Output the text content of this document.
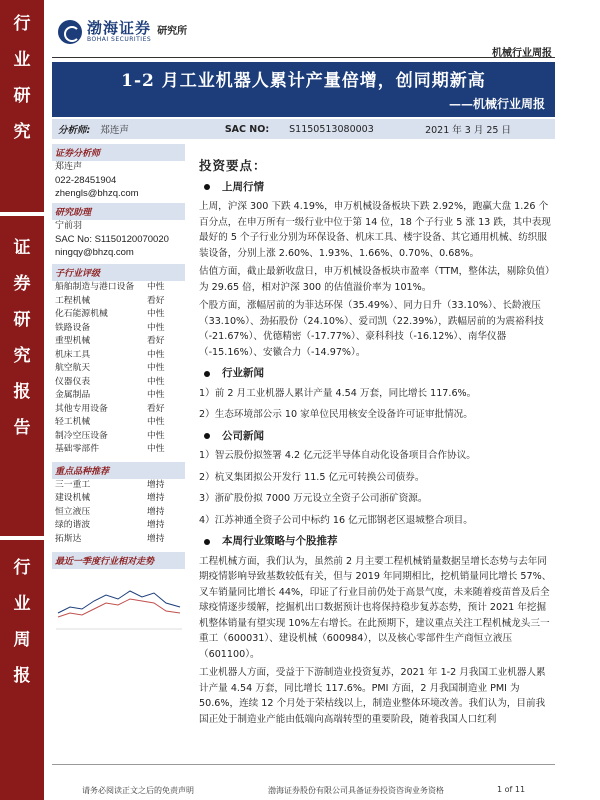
行
业
研
究
证
券
研
究
报
告
行
业
周
报
渤海证券
BOHAI SECURITIES
研究所
机械行业周报
1-2 月工业机器人累计产量倍增，创同期新高
——机械行业周报
分析师: 郑连声	SAC NO: S1150513080003	2021 年 3 月 25 日
证券分析师
郑连声
022-28451904
zhengls@bhzq.com
研究助理
宁前羽
SAC No: S1150120070020
ningqy@bhzq.com
子行业评级
船舶制造与港口设备 中性
工程机械	看好
化石能源机械	中性
铁路设备	中性
重型机械	看好
机床工具	中性
航空航天	中性
仪器仪表	中性
金属制品	中性
其他专用设备	看好
轻工机械	中性
制冷空压设备	中性
基础零部件	中性
重点品种推荐
三一重工	增持
建设机械	增持
恒立液压	增持
绿的谐波	增持
拓斯达	增持
最近一季度行业相对走势
投资要点：
上周行情

上周，沪深 300 下跌 4.19%，申万机械设备板块下跌 2.92%，跑赢大盘 1.26 个百分点，在申万所有一级行业中位于第 14 位，18 个子行业 5 涨 13 跌，其中表现最好的 5 个子行业分别为环保设备、机床工具、楼宇设备、其它通用机械、纺织服装设备，分别上涨 2.60%、1.93%、1.66%、0.70%、0.68%。

估值方面，截止最新收盘日，申万机械设备板块市盈率（TTM，整体法，剔除负值）为 29.65 倍，相对沪深 300 的估值溢价率为 101%。

个股方面，涨幅居前的为菲达环保（35.49%）、同力日升（33.10%）、长龄液压（33.10%）、劲拓股份（24.10%）、爱司凯（22.39%），跌幅居前的为震裕科技（-21.67%）、优德精密（-17.77%）、豪科科技（-16.12%）、南华仪器（-15.16%）、安徽合力（-14.97%）。

行业新闻

1）前 2 月工业机器人累计产量 4.54 万套，同比增长 117.6%。

2）生态环境部公示 10 家单位民用核安全设备许可证审批情况。

公司新闻

1）智云股份拟签署 4.2 亿元泛半导体自动化设备项目合作协议。

2）杭叉集团拟公开发行 11.5 亿元可转换公司债券。

3）浙矿股份拟 7000 万元设立全资子公司浙矿资源。

4）江苏神通全资子公司中标约 16 亿元邯钢老区退城整合项目。

本周行业策略与个股推荐

工程机械方面，我们认为，虽然前 2 月主要工程机械销量数据呈增长态势与去年同期疫情影响导致基数较低有关，但与 2019 年同期相比，挖机销量同比增长 57%、叉车销量同比增长 44%，印证了行业目前仍处于高景气度，未来随着疫苗普及后全球疫情逐步缓解，挖掘机出口数据预计也将保持稳步复苏态势，预计 2021 年挖掘机整体销量有望实现 10%左右增长。在此预期下，建议重点关注工程机械龙头三一重工（600031）、建设机械（600984），以及核心零部件生产商恒立液压（601100）。

工业机器人方面，受益于下游制造业投资复苏，2021 年 1-2 月我国工业机器人累计产量 4.54 万套，同比增长 117.6%。PMI 方面，2 月我国制造业 PMI 为 50.6%，连续 12 个月处于荣枯线以上，制造业整体环境改善。我们认为，目前我国正处于制造业产能由低端向高端转型的重要阶段，随着我国人口红利

请务必阅读正文之后的免责声明	渤海证券股份有限公司具备证券投资咨询业务资格	1 of 11
